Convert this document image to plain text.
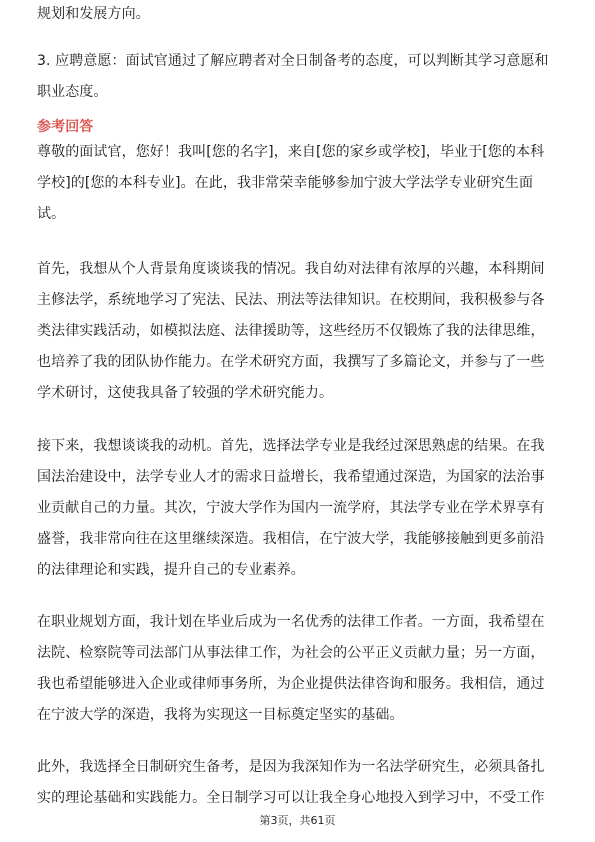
规划和发展方向。
3. 应聘意愿：面试官通过了解应聘者对全日制备考的态度，可以判断其学习意愿和
职业态度。
参考回答
尊敬的面试官，您好！我叫[您的名字]，来自[您的家乡或学校]，毕业于[您的本科
学校]的[您的本科专业]。在此，我非常荣幸能够参加宁波大学法学专业研究生面
试。
首先，我想从个人背景角度谈谈我的情况。我自幼对法律有浓厚的兴趣，本科期间
主修法学，系统地学习了宪法、民法、刑法等法律知识。在校期间，我积极参与各
类法律实践活动，如模拟法庭、法律援助等，这些经历不仅锻炼了我的法律思维，
也培养了我的团队协作能力。在学术研究方面，我撰写了多篇论文，并参与了一些
学术研讨，这使我具备了较强的学术研究能力。
接下来，我想谈谈我的动机。首先，选择法学专业是我经过深思熟虑的结果。在我
国法治建设中，法学专业人才的需求日益增长，我希望通过深造，为国家的法治事
业贡献自己的力量。其次，宁波大学作为国内一流学府，其法学专业在学术界享有
盛誉，我非常向往在这里继续深造。我相信，在宁波大学，我能够接触到更多前沿
的法律理论和实践，提升自己的专业素养。
在职业规划方面，我计划在毕业后成为一名优秀的法律工作者。一方面，我希望在
法院、检察院等司法部门从事法律工作，为社会的公平正义贡献力量；另一方面，
我也希望能够进入企业或律师事务所，为企业提供法律咨询和服务。我相信，通过
在宁波大学的深造，我将为实现这一目标奠定坚实的基础。
此外，我选择全日制研究生备考，是因为我深知作为一名法学研究生，必须具备扎
实的理论基础和实践能力。全日制学习可以让我全身心地投入到学习中，不受工作
第3页，共61页
